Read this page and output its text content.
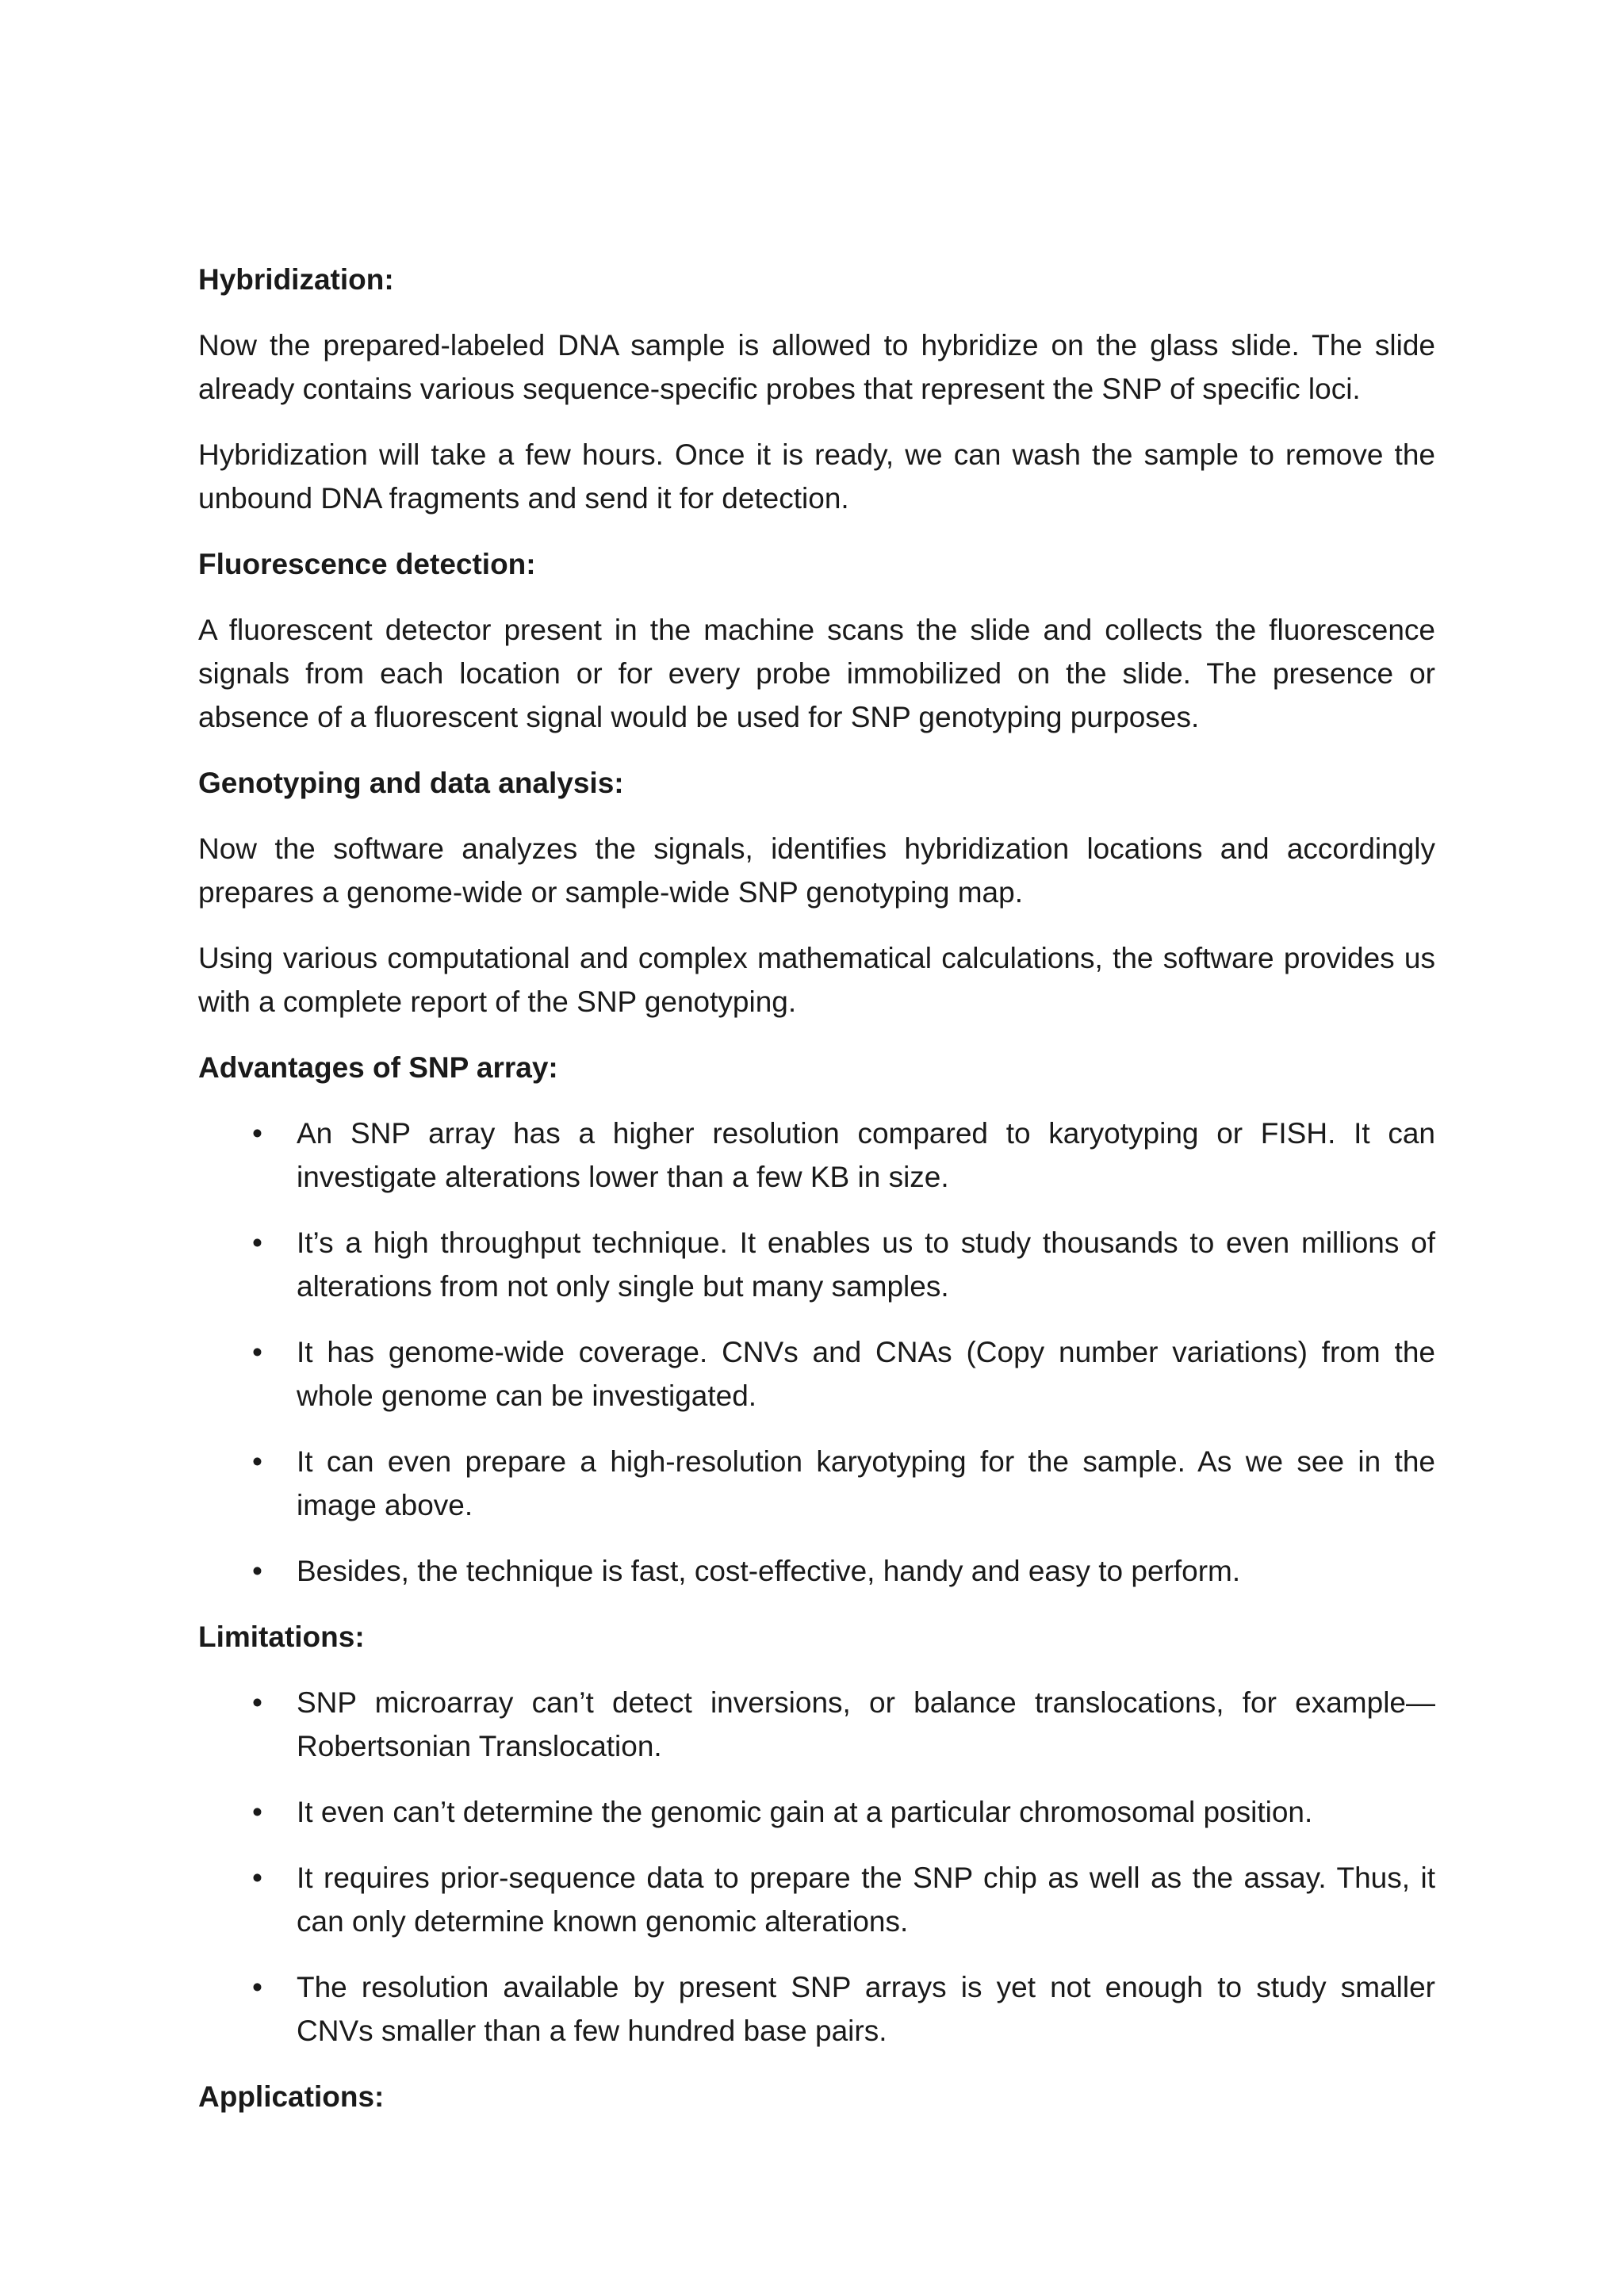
Hybridization:

Now the prepared-labeled DNA sample is allowed to hybridize on the glass slide. The slide already contains various sequence-specific probes that represent the SNP of specific loci.

Hybridization will take a few hours. Once it is ready, we can wash the sample to remove the unbound DNA fragments and send it for detection.

Fluorescence detection:

A fluorescent detector present in the machine scans the slide and collects the fluorescence signals from each location or for every probe immobilized on the slide. The presence or absence of a fluorescent signal would be used for SNP genotyping purposes.

Genotyping and data analysis:

Now the software analyzes the signals, identifies hybridization locations and accordingly prepares a genome-wide or sample-wide SNP genotyping map.

Using various computational and complex mathematical calculations, the software provides us with a complete report of the SNP genotyping.

Advantages of SNP array:
• An SNP array has a higher resolution compared to karyotyping or FISH. It can investigate alterations lower than a few KB in size.
• It’s a high throughput technique. It enables us to study thousands to even millions of alterations from not only single but many samples.
• It has genome-wide coverage. CNVs and CNAs (Copy number variations) from the whole genome can be investigated.
• It can even prepare a high-resolution karyotyping for the sample. As we see in the image above.
• Besides, the technique is fast, cost-effective, handy and easy to perform.
Limitations:
• SNP microarray can’t detect inversions, or balance translocations, for example—Robertsonian Translocation.
• It even can’t determine the genomic gain at a particular chromosomal position.
• It requires prior-sequence data to prepare the SNP chip as well as the assay. Thus, it can only determine known genomic alterations.
• The resolution available by present SNP arrays is yet not enough to study smaller CNVs smaller than a few hundred base pairs.
Applications:
